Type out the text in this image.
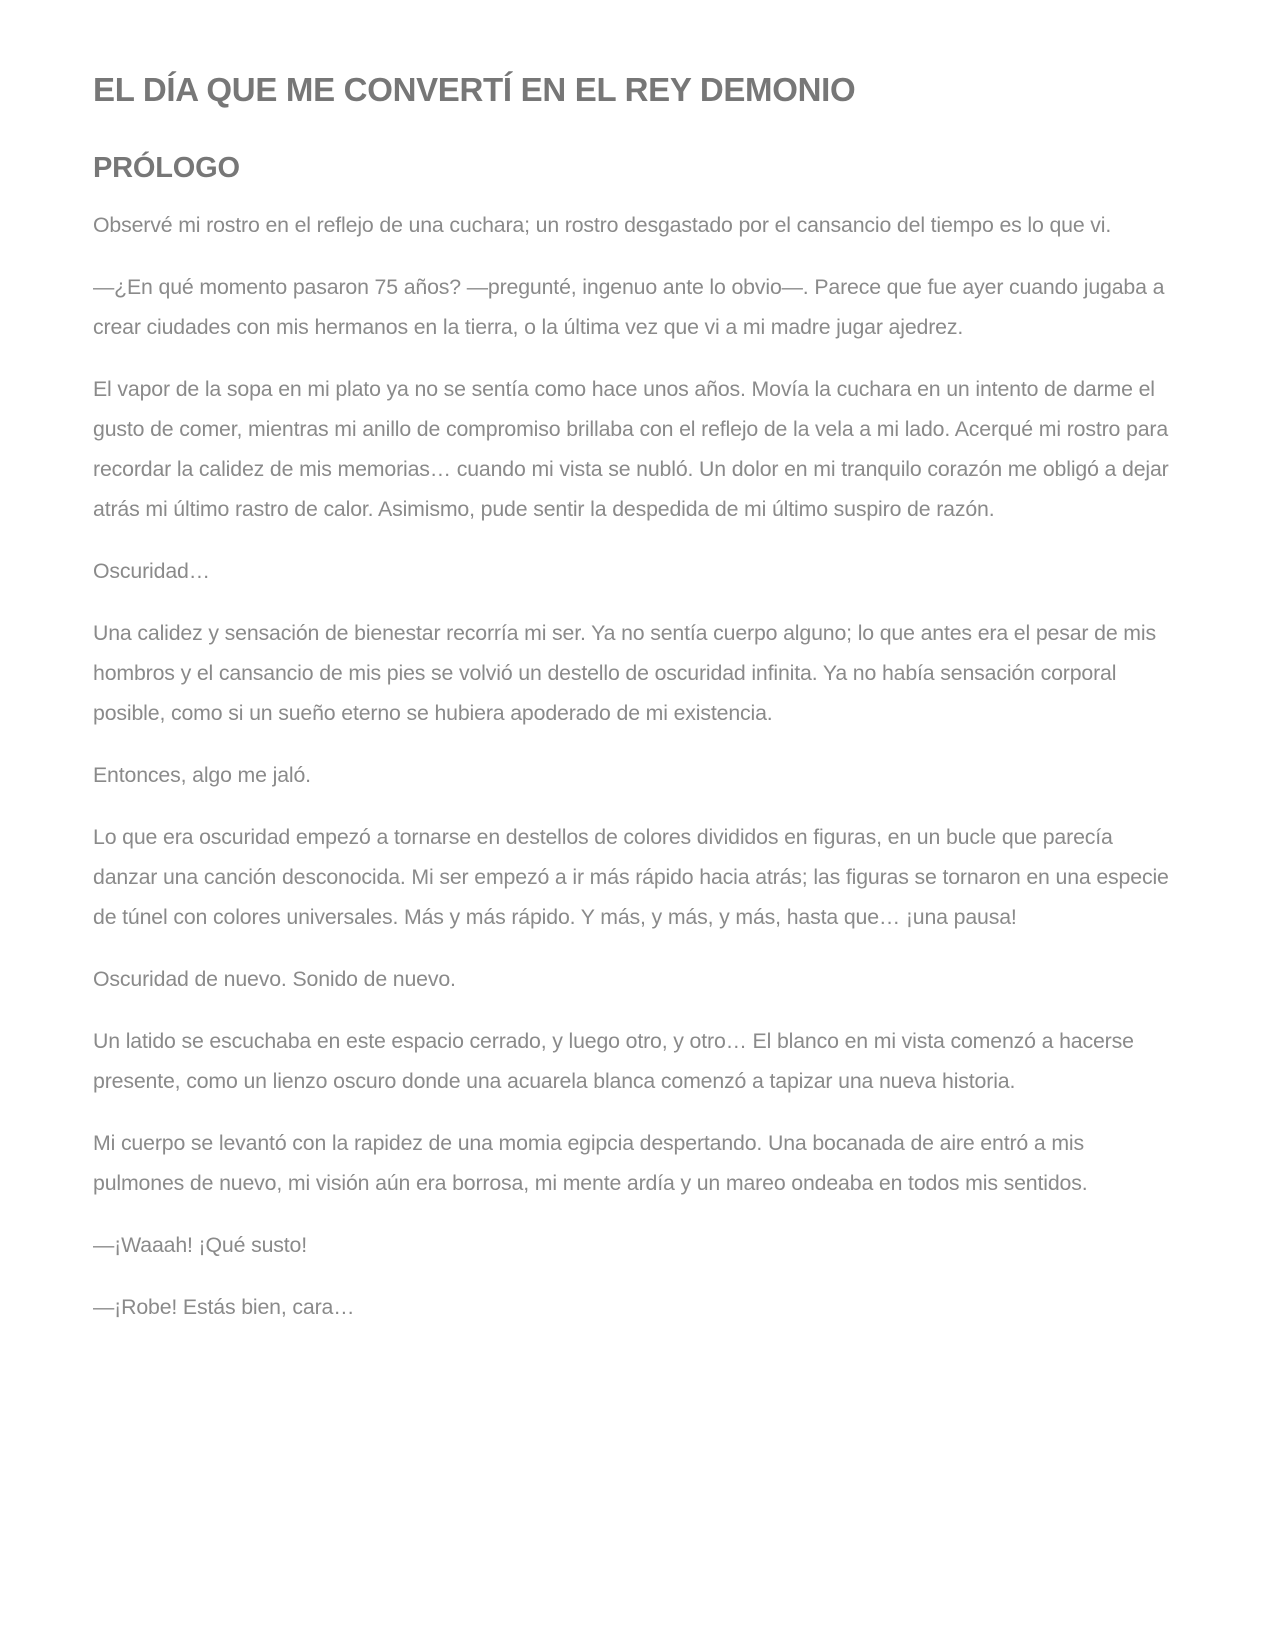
EL DÍA QUE ME CONVERTÍ EN EL REY DEMONIO
PRÓLOGO

Observé mi rostro en el reflejo de una cuchara; un rostro desgastado por el cansancio del tiempo es lo que vi.

—¿En qué momento pasaron 75 años? —pregunté, ingenuo ante lo obvio—. Parece que fue ayer cuando jugaba a crear ciudades con mis hermanos en la tierra, o la última vez que vi a mi madre jugar ajedrez.

El vapor de la sopa en mi plato ya no se sentía como hace unos años. Movía la cuchara en un intento de darme el gusto de comer, mientras mi anillo de compromiso brillaba con el reflejo de la vela a mi lado. Acerqué mi rostro para recordar la calidez de mis memorias… cuando mi vista se nubló. Un dolor en mi tranquilo corazón me obligó a dejar atrás mi último rastro de calor. Asimismo, pude sentir la despedida de mi último suspiro de razón.

Oscuridad…

Una calidez y sensación de bienestar recorría mi ser. Ya no sentía cuerpo alguno; lo que antes era el pesar de mis hombros y el cansancio de mis pies se volvió un destello de oscuridad infinita. Ya no había sensación corporal posible, como si un sueño eterno se hubiera apoderado de mi existencia.

Entonces, algo me jaló.

Lo que era oscuridad empezó a tornarse en destellos de colores divididos en figuras, en un bucle que parecía danzar una canción desconocida. Mi ser empezó a ir más rápido hacia atrás; las figuras se tornaron en una especie de túnel con colores universales. Más y más rápido. Y más, y más, y más, hasta que… ¡una pausa!

Oscuridad de nuevo. Sonido de nuevo.

Un latido se escuchaba en este espacio cerrado, y luego otro, y otro… El blanco en mi vista comenzó a hacerse presente, como un lienzo oscuro donde una acuarela blanca comenzó a tapizar una nueva historia.

Mi cuerpo se levantó con la rapidez de una momia egipcia despertando. Una bocanada de aire entró a mis pulmones de nuevo, mi visión aún era borrosa, mi mente ardía y un mareo ondeaba en todos mis sentidos.

—¡Waaah! ¡Qué susto!

—¡Robe! Estás bien, cara…
